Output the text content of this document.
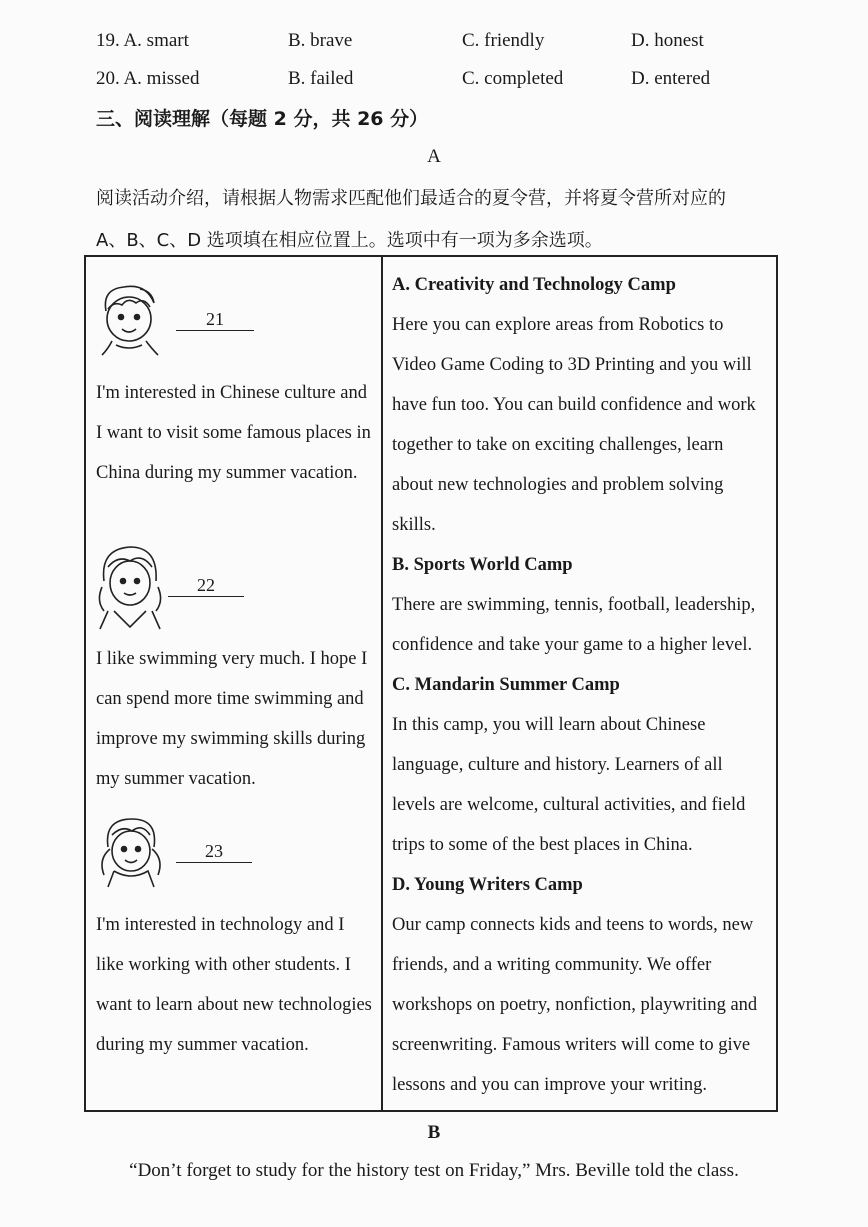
19. A. smart	B. brave	C. friendly	D. honest
20. A. missed	B. failed	C. completed	D. entered
三、阅读理解（每题 2 分，共 26 分）
A
阅读活动介绍，请根据人物需求匹配他们最适合的夏令营，并将夏令营所对应的
A、B、C、D 选项填在相应位置上。选项中有一项为多余选项。
21
I'm interested in Chinese culture and I want to visit some famous places in China during my summer vacation.
22
I like swimming very much. I hope I can spend more time swimming and improve my swimming skills during my summer vacation.
23
I'm interested in technology and I like working with other students. I want to learn about new technologies during my summer vacation.
A. Creativity and Technology Camp
Here you can explore areas from Robotics to Video Game Coding to 3D Printing and you will have fun too. You can build confidence and work together to take on exciting challenges, learn about new technologies and problem solving skills.
B. Sports World Camp
There are swimming, tennis, football, leadership, confidence and take your game to a higher level.
C. Mandarin Summer Camp
In this camp, you will learn about Chinese language, culture and history. Learners of all levels are welcome, cultural activities, and field trips to some of the best places in China.
D. Young Writers Camp
Our camp connects kids and teens to words, new friends, and a writing community. We offer workshops on poetry, nonfiction, playwriting and screenwriting. Famous writers will come to give lessons and you can improve your writing.
B
“Don’t forget to study for the history test on Friday,” Mrs. Beville told the class.
